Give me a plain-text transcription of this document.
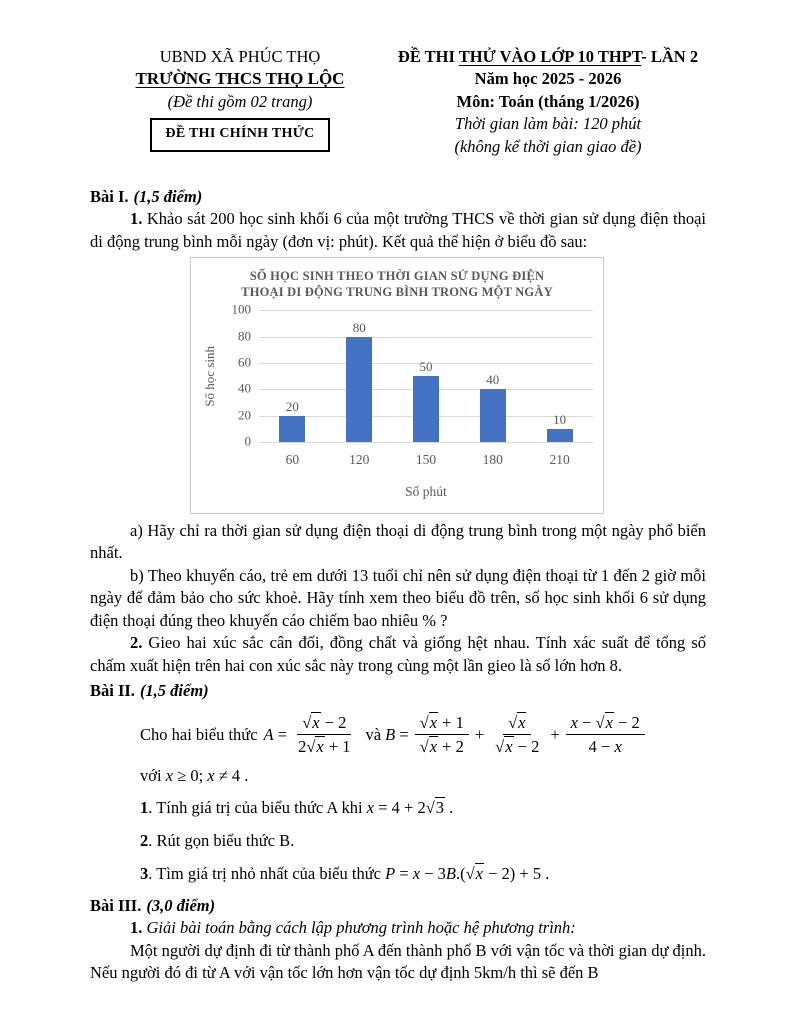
UBND XÃ PHÚC THỌ
TRƯỜNG THCS THỌ LỘC
(Đề thi gồm 02 trang)
ĐỀ THI CHÍNH THỨC
ĐỀ THI THỬ VÀO LỚP 10 THPT- LẦN 2
Năm học 2025 - 2026
Môn: Toán (tháng 1/2026)
Thời gian làm bài: 120 phút
(không kể thời gian giao đề)
Bài I. (1,5 điểm)

1. Khảo sát 200 học sinh khối 6 của một trường THCS về thời gian sử dụng điện thoại di động trung bình mỗi ngày (đơn vị: phút). Kết quả thể hiện ở biểu đồ sau:

SỐ HỌC SINH THEO THỜI GIAN SỬ DỤNG ĐIỆN
THOẠI DI ĐỘNG TRUNG BÌNH TRONG MỘT NGÀY
Số học sinh
0
20
40
60
80
100
20
80
50
40
10
60	120	150	180	210
Số phút

a) Hãy chỉ ra thời gian sử dụng điện thoại di động trung bình trong một ngày phổ biến nhất.

b) Theo khuyến cáo, trẻ em dưới 13 tuổi chỉ nên sử dụng điện thoại từ 1 đến 2 giờ mỗi ngày để đảm bảo cho sức khoẻ. Hãy tính xem theo biểu đồ trên, số học sinh khối 6 sử dụng điện thoại đúng theo khuyến cáo chiếm bao nhiêu % ?

2. Gieo hai xúc sắc cân đối, đồng chất và giống hệt nhau. Tính xác suất để tổng số chấm xuất hiện trên hai con xúc sắc này trong cùng một lần gieo là số lớn hơn 8.

Bài II. (1,5 điểm)
Cho hai biểu thức $A = \frac{√x - 2}{2√x + 1}$ và $B = \frac{√x + 1}{√x + 2} + \frac{√x}{√x - 2} + \frac{x - √x - 2}{4 - x}$
với x ≥ 0; x ≠ 4 .
1. Tính giá trị của biểu thức A khi x = 4 + 2√3 .
2. Rút gọn biểu thức B.
3. Tìm giá trị nhỏ nhất của biểu thức P = x − 3B.(√x − 2) + 5 .
Bài III. (3,0 điểm)

1. Giải bài toán bằng cách lập phương trình hoặc hệ phương trình:

Một người dự định đi từ thành phố A đến thành phố B với vận tốc và thời gian dự định. Nếu người đó đi từ A với vận tốc lớn hơn vận tốc dự định 5km/h thì sẽ đến B
